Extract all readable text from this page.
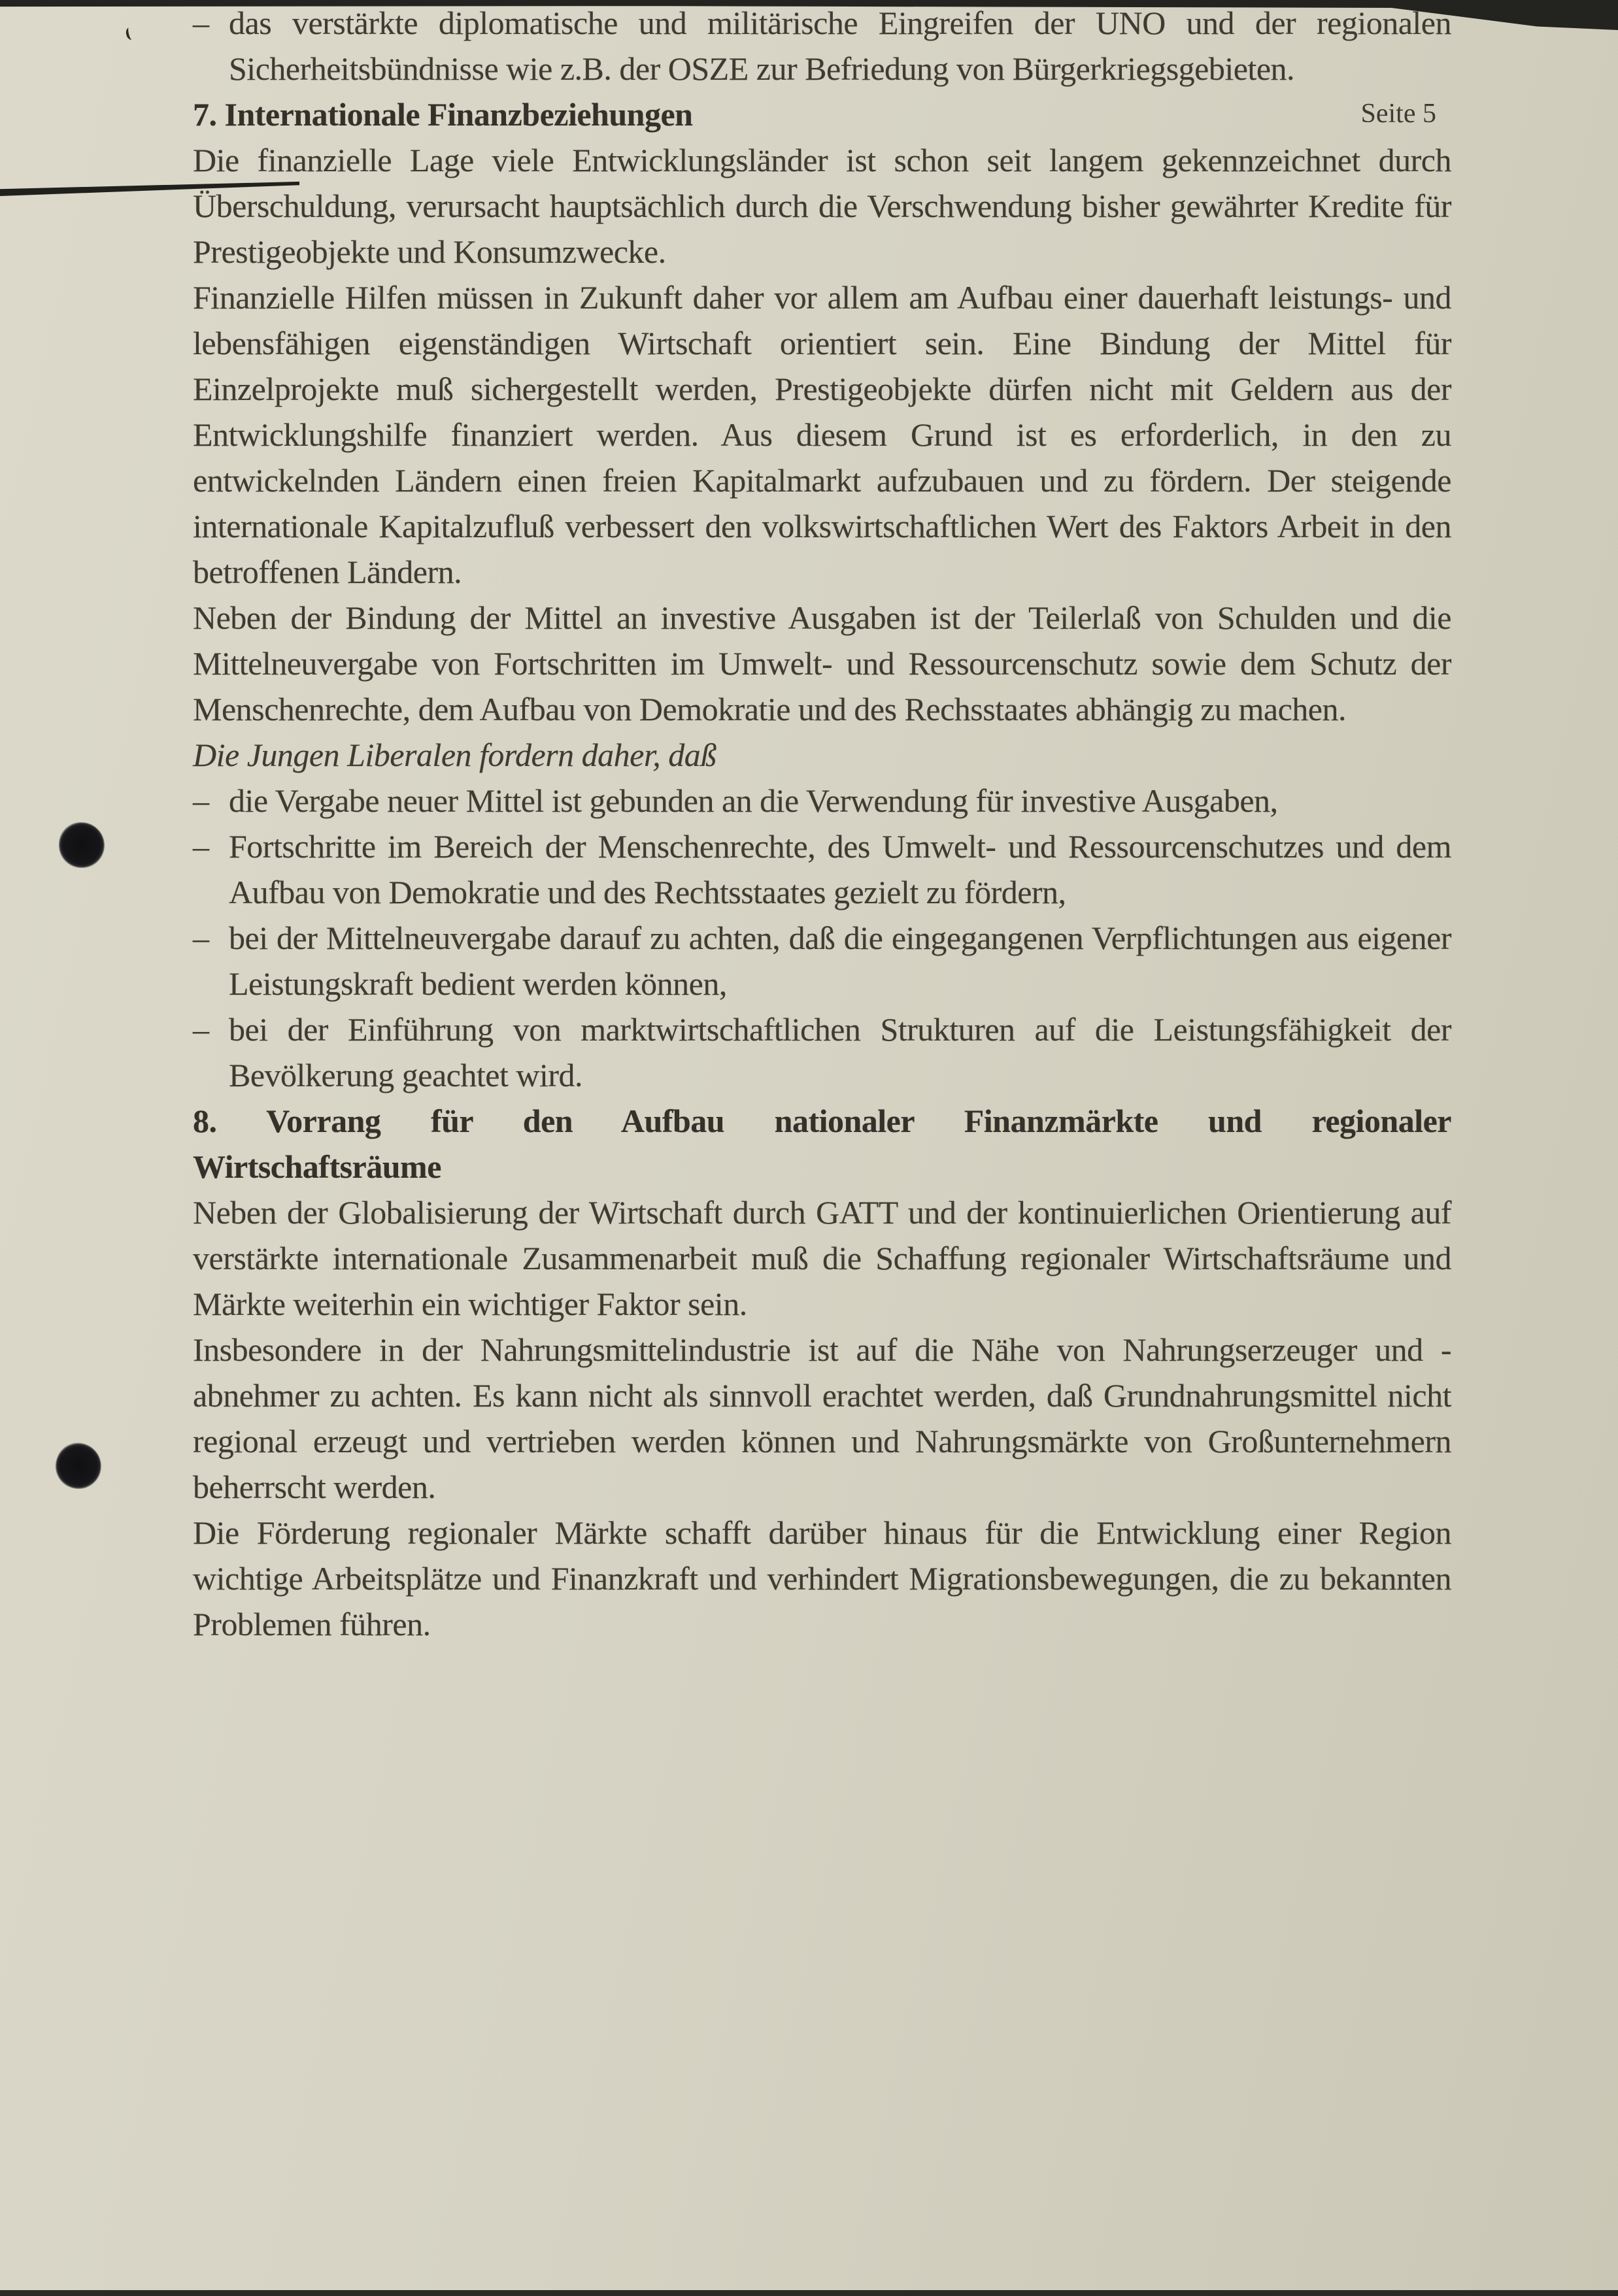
Seite 5

– das verstärkte diplomatische und militärische Eingreifen der UNO und der regionalen Sicherheitsbündnisse wie z.B. der OSZE zur Befriedung von Bürgerkriegsgebieten.

7. Internationale Finanzbeziehungen

Die finanzielle Lage viele Entwicklungsländer ist schon seit langem gekennzeichnet durch Überschuldung, verursacht hauptsächlich durch die Verschwendung bisher gewährter Kredite für Prestigeobjekte und Konsumzwecke.

Finanzielle Hilfen müssen in Zukunft daher vor allem am Aufbau einer dauerhaft leistungs- und lebensfähigen eigenständigen Wirtschaft orientiert sein. Eine Bindung der Mittel für Einzelprojekte muß sichergestellt werden, Prestigeobjekte dürfen nicht mit Geldern aus der Entwicklungshilfe finanziert werden. Aus diesem Grund ist es erforderlich, in den zu entwickelnden Ländern einen freien Kapitalmarkt aufzubauen und zu fördern. Der steigende internationale Kapitalzufluß verbessert den volkswirtschaftlichen Wert des Faktors Arbeit in den betroffenen Ländern.

Neben der Bindung der Mittel an investive Ausgaben ist der Teilerlaß von Schulden und die Mittelneuvergabe von Fortschritten im Umwelt- und Ressourcenschutz sowie dem Schutz der Menschenrechte, dem Aufbau von Demokratie und des Rechsstaates abhängig zu machen.

Die Jungen Liberalen fordern daher, daß

– die Vergabe neuer Mittel ist gebunden an die Verwendung für investive Ausgaben,
– Fortschritte im Bereich der Menschenrechte, des Umwelt- und Ressourcenschutzes und dem Aufbau von Demokratie und des Rechtsstaates gezielt zu fördern,
– bei der Mittelneuvergabe darauf zu achten, daß die eingegangenen Verpflichtungen aus eigener Leistungskraft bedient werden können,
– bei der Einführung von marktwirtschaftlichen Strukturen auf die Leistungsfähigkeit der Bevölkerung geachtet wird.

8. Vorrang für den Aufbau nationaler Finanzmärkte und regionaler
Wirtschaftsräume

Neben der Globalisierung der Wirtschaft durch GATT und der kontinuierlichen Orientierung auf verstärkte internationale Zusammenarbeit muß die Schaffung regionaler Wirtschaftsräume und Märkte weiterhin ein wichtiger Faktor sein.

Insbesondere in der Nahrungsmittelindustrie ist auf die Nähe von Nahrungserzeuger und -abnehmer zu achten. Es kann nicht als sinnvoll erachtet werden, daß Grundnahrungsmittel nicht regional erzeugt und vertrieben werden können und Nahrungsmärkte von Großunternehmern beherrscht werden.

Die Förderung regionaler Märkte schafft darüber hinaus für die Entwicklung einer Region wichtige Arbeitsplätze und Finanzkraft und verhindert Migrationsbewegungen, die zu bekannten Problemen führen.
